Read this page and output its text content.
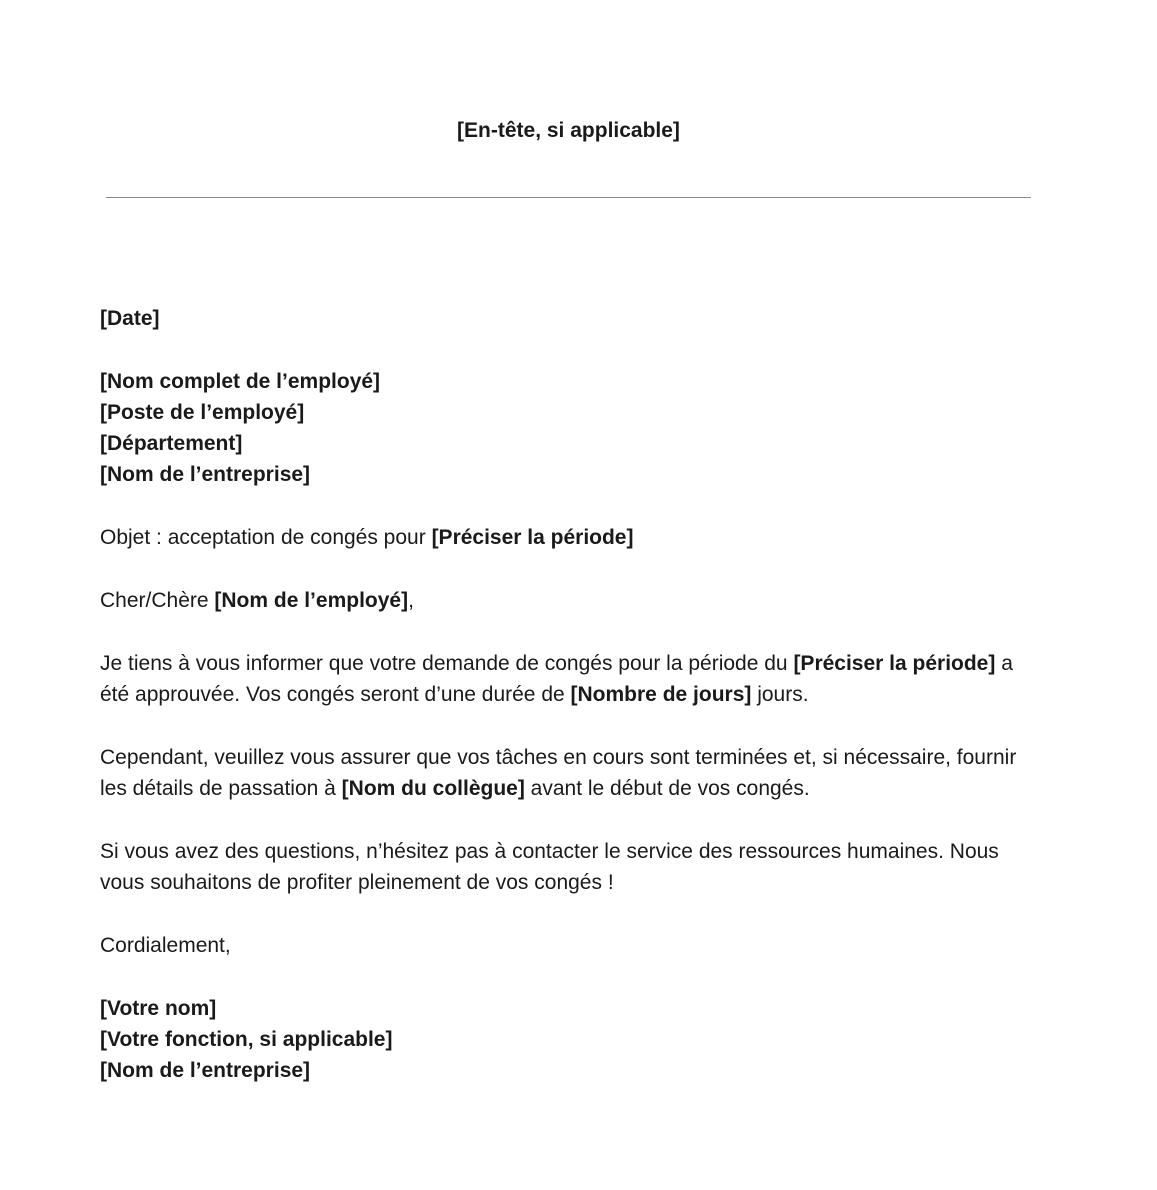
[En-tête, si applicable]

[Date]

[Nom complet de l’employé]
[Poste de l’employé]
[Département]
[Nom de l’entreprise]

Objet : acceptation de congés pour [Préciser la période]

Cher/Chère [Nom de l’employé],

Je tiens à vous informer que votre demande de congés pour la période du [Préciser la période] a été approuvée. Vos congés seront d’une durée de [Nombre de jours] jours.

Cependant, veuillez vous assurer que vos tâches en cours sont terminées et, si nécessaire, fournir les détails de passation à [Nom du collègue] avant le début de vos congés.

Si vous avez des questions, n’hésitez pas à contacter le service des ressources humaines. Nous vous souhaitons de profiter pleinement de vos congés !

Cordialement,

[Votre nom]
[Votre fonction, si applicable]
[Nom de l’entreprise]
